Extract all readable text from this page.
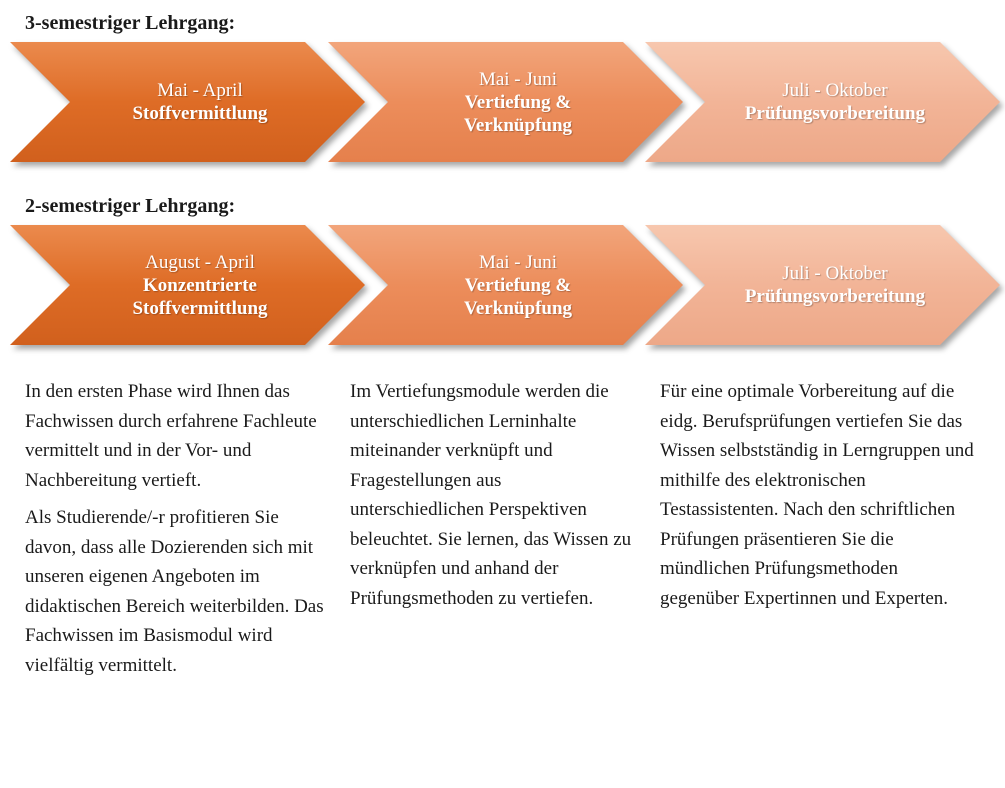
3-semestriger Lehrgang:
Mai - April
Stoffvermittlung
Mai - Juni
Vertiefung &
Verknüpfung
Juli - Oktober
Prüfungsvorbereitung
2-semestriger Lehrgang:
August - April
Konzentrierte
Stoffvermittlung
Mai - Juni
Vertiefung &
Verknüpfung
Juli - Oktober
Prüfungsvorbereitung

In den ersten Phase wird Ihnen das Fachwissen durch erfahrene Fachleute vermittelt und in der Vor- und Nachbereitung vertieft.

Als Studierende/-r profitieren Sie davon, dass alle Dozierenden sich mit unseren eigenen Angeboten im didaktischen Bereich weiterbilden. Das Fachwissen im Basismodul wird vielfältig vermittelt.

Im Vertiefungsmodule werden die unterschiedlichen Lerninhalte miteinander verknüpft und Fragestellungen aus unterschiedlichen Perspektiven beleuchtet. Sie lernen, das Wissen zu verknüpfen und anhand der Prüfungsmethoden zu vertiefen.

Für eine optimale Vorbereitung auf die eidg. Berufsprüfungen vertiefen Sie das Wissen selbstständig in Lerngruppen und mithilfe des elektronischen Testassistenten. Nach den schriftlichen Prüfungen präsentieren Sie die mündlichen Prüfungsmethoden gegenüber Expertinnen und Experten.
